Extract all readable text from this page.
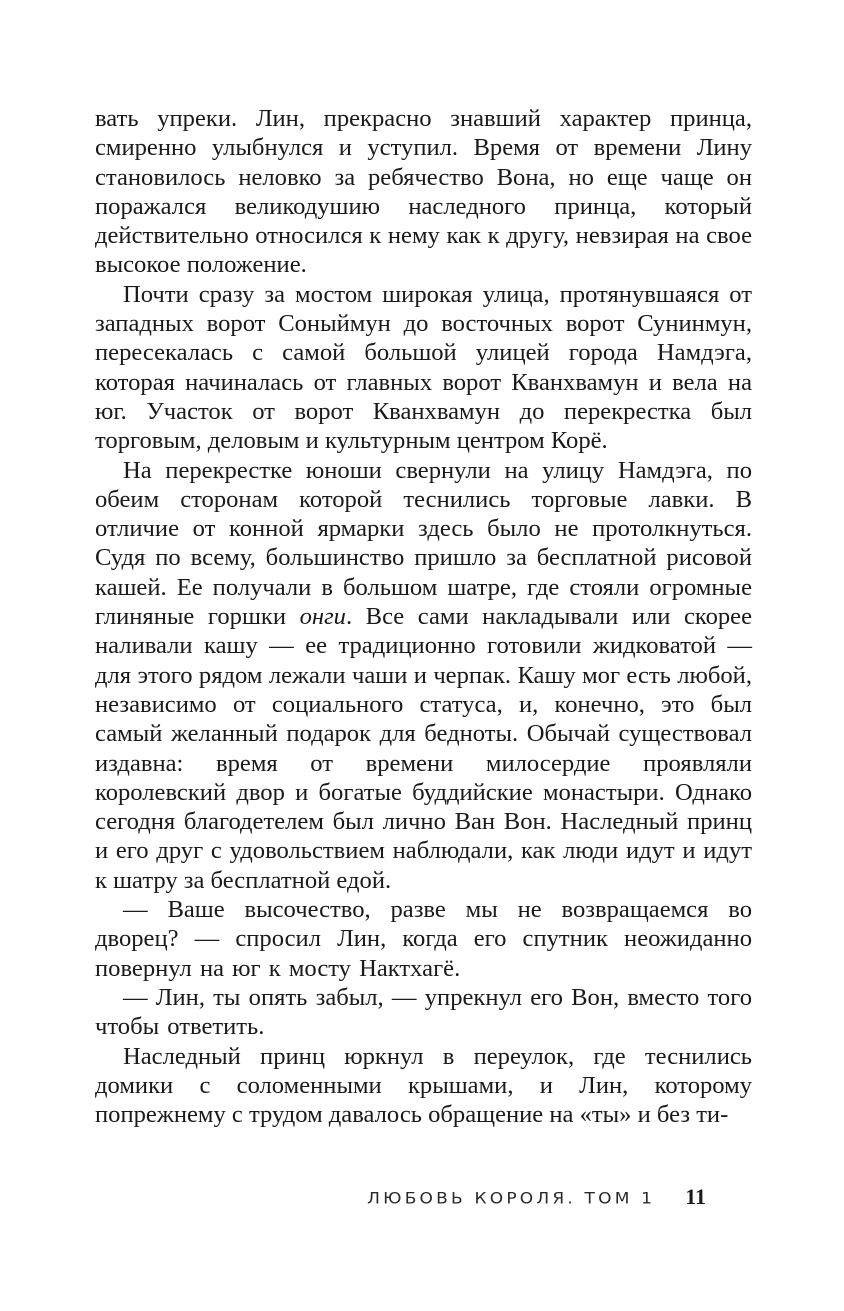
вать упреки. Лин, прекрасно знавший характер принца, смиренно улыбнулся и уступил. Время от времени Лину становилось неловко за ребячество Вона, но еще чаще он поражался великодушию наследного принца, который действительно относился к нему как к другу, невзирая на свое высокое положение.

Почти сразу за мостом широкая улица, протянувшаяся от западных ворот Соныймун до восточных ворот Сунинмун, пересекалась с самой большой улицей города Намдэга, которая начиналась от главных ворот Кванхвамун и вела на юг. Участок от ворот Кванхвамун до перекрестка был торговым, деловым и культурным центром Корё.

На перекрестке юноши свернули на улицу Намдэга, по обеим сторонам которой теснились торговые лавки. В отличие от конной ярмарки здесь было не протолкнуться. Судя по всему, большинство пришло за бесплатной рисовой кашей. Ее получали в большом шатре, где стояли огромные глиняные горшки онги. Все сами накладывали или скорее наливали кашу — ее традиционно готовили жидковатой — для этого рядом лежали чаши и черпак. Кашу мог есть любой, независимо от социального статуса, и, конечно, это был самый желанный подарок для бедноты. Обычай существовал издавна: время от времени милосердие проявляли королевский двор и богатые буддийские монастыри. Однако сегодня благодетелем был лично Ван Вон. Наследный принц и его друг с удовольствием наблюдали, как люди идут и идут к шатру за бесплатной едой.

— Ваше высочество, разве мы не возвращаемся во дворец? — спросил Лин, когда его спутник неожиданно повернул на юг к мосту Нактхагё.

— Лин, ты опять забыл, — упрекнул его Вон, вместо того чтобы ответить.

Наследный принц юркнул в переулок, где теснились домики с соломенными крышами, и Лин, которому попрежнему с трудом давалось обращение на «ты» и без ти-

ЛЮБОВЬ КОРОЛЯ. ТОМ 1 11
